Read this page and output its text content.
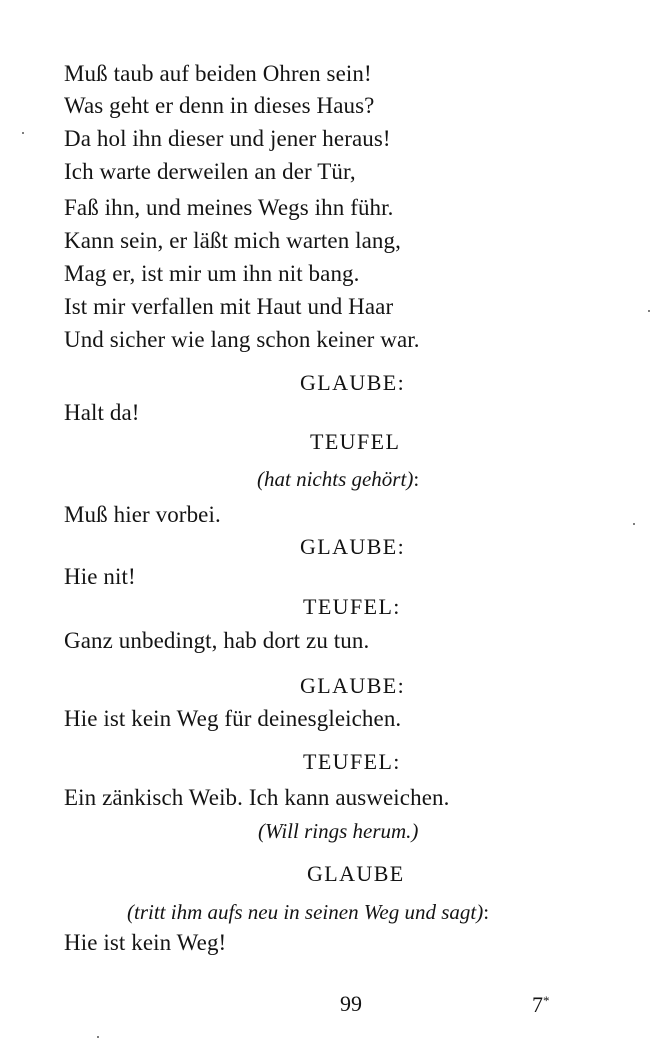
Muß taub auf beiden Ohren sein!
Was geht er denn in dieses Haus?
Da hol ihn dieser und jener heraus!
Ich warte derweilen an der Tür,
Faß ihn, und meines Wegs ihn führ.
Kann sein, er läßt mich warten lang,
Mag er, ist mir um ihn nit bang.
Ist mir verfallen mit Haut und Haar
Und sicher wie lang schon keiner war.
GLAUBE:
Halt da!
TEUFEL
(hat nichts gehört):
Muß hier vorbei.
GLAUBE:
Hie nit!
TEUFEL:
Ganz unbedingt, hab dort zu tun.
GLAUBE:
Hie ist kein Weg für deinesgleichen.
TEUFEL:
Ein zänkisch Weib. Ich kann ausweichen.
(Will rings herum.)
GLAUBE
(tritt ihm aufs neu in seinen Weg und sagt):
Hie ist kein Weg!
99	7*
